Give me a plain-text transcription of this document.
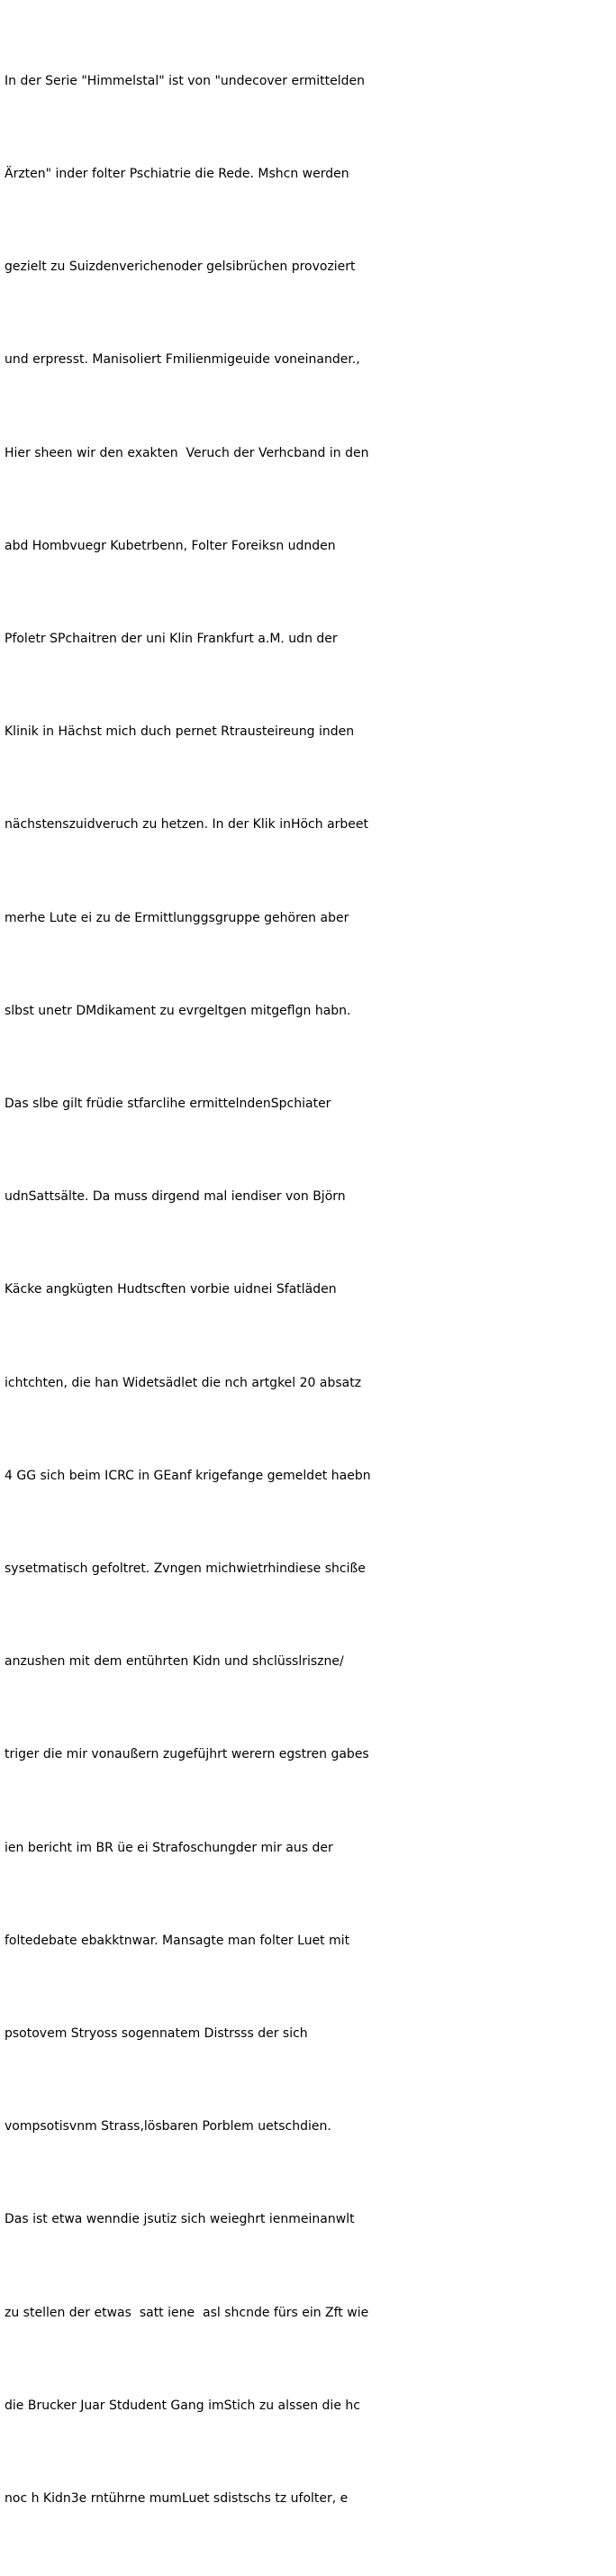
In der Serie "Himmelstal" ist von "undecover ermittelden

Ärzten" inder folter Pschiatrie die Rede. Mshcn werden

gezielt zu Suizdenverichenoder gelsibrüchen provoziert

und erpresst. Manisoliert Fmilienmigeuide voneinander.,

Hier sheen wir den exakten  Veruch der Verhcband in den

abd Hombvuegr Kubetrbenn, Folter Foreiksn udnden

Pfoletr SPchaitren der uni Klin Frankfurt a.M. udn der

Klinik in Hächst mich duch pernet Rtrausteireung inden

nächstenszuidveruch zu hetzen. In der Klik inHöch arbeet

merhe Lute ei zu de Ermittlunggsgruppe gehören aber

slbst unetr DMdikament zu evrgeltgen mitgeflgn habn.

Das slbe gilt früdie stfarclihe ermittelndenSpchiater

udnSattsälte. Da muss dirgend mal iendiser von Björn

Käcke angkügten Hudtscften vorbie uidnei Sfatläden

ichtchten, die han Widetsädlet die nch artgkel 20 absatz

4 GG sich beim ICRC in GEanf krigefange gemeldet haebn

sysetmatisch gefoltret. Zvngen michwietrhindiese shciße

anzushen mit dem entührten Kidn und shclüsslriszne/

triger die mir vonaußern zugefüjhrt werern egstren gabes

ien bericht im BR üe ei Strafoschungder mir aus der

foltedebate ebakktnwar. Mansagte man folter Luet mit

psotovem Stryoss sogennatem Distrsss der sich

vompsotisvnm Strass,lösbaren Porblem uetschdien.

Das ist etwa wenndie jsutiz sich weieghrt ienmeinanwlt

zu stellen der etwas  satt iene  asl shcnde fürs ein Zft wie

die Brucker Juar Stdudent Gang imStich zu alssen die hc

noc h Kidn3e rntührne mumLuet sdistschs tz ufolter, e
